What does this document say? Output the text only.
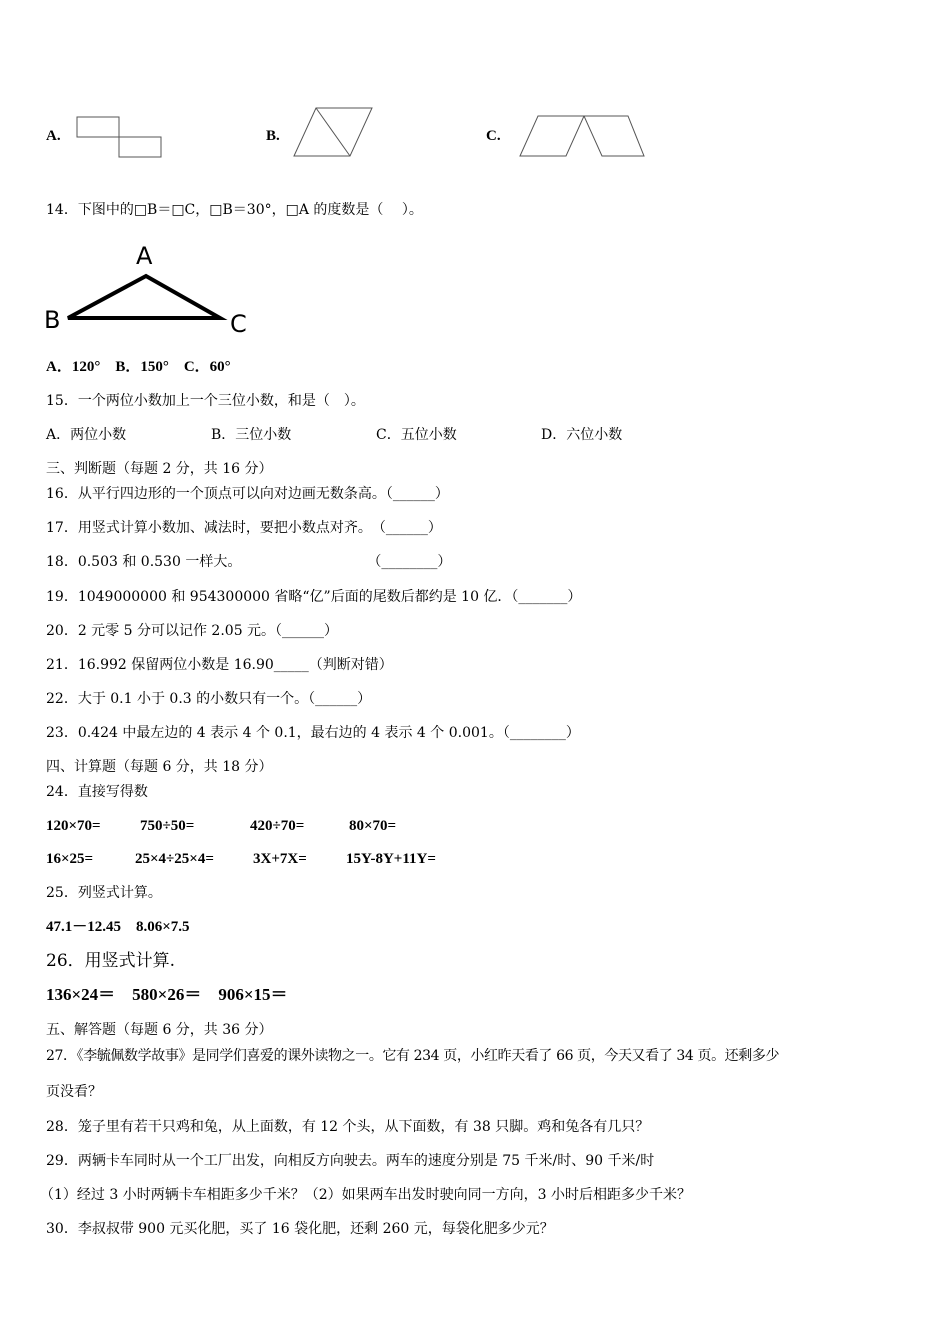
A.	B.	C.
14．下图中的□B＝□C，□B＝30°，□A 的度数是（　 ）。
A
B	C
A．120°　B．150°　C．60°
15．一个两位小数加上一个三位小数，和是（　）。
A．两位小数	B．三位小数	C．五位小数	D．六位小数
三、判断题（每题 2 分，共 16 分）
16．从平行四边形的一个顶点可以向对边画无数条高。（______）
17．用竖式计算小数加、减法时，要把小数点对齐。　（______）
18．0.503 和 0.530 一样大。　　　　　　　　　　（________）
19．1049000000 和 954300000 省略“亿”后面的尾数后都约是 10 亿．（_______）
20．2 元零 5 分可以记作 2.05 元。（______）
21．16.992 保留两位小数是 16.90_____（判断对错）
22．大于 0.1 小于 0.3 的小数只有一个。（______）
23．0.424 中最左边的 4 表示 4 个 0.1，最右边的 4 表示 4 个 0.001。（________）
四、计算题（每题 6 分，共 18 分）
24．直接写得数
120×70=	750÷50=	420÷70=	80×70=
16×25=	25×4÷25×4=	3X+7X=	15Y-8Y+11Y=
25．列竖式计算。
47.1－12.45　8.06×7.5
26．用竖式计算.
136×24＝　580×26＝　906×15＝
五、解答题（每题 6 分，共 36 分）
27．《李毓佩数学故事》是同学们喜爱的课外读物之一。它有 234 页，小红昨天看了 66 页，今天又看了 34 页。还剩多少
页没看？
28．笼子里有若干只鸡和兔，从上面数，有 12 个头，从下面数，有 38 只脚。鸡和兔各有几只？
29．两辆卡车同时从一个工厂出发，向相反方向驶去。两车的速度分别是 75 千米/时、90 千米/时
（1）经过 3 小时两辆卡车相距多少千米？（2）如果两车出发时驶向同一方向，3 小时后相距多少千米？
30．李叔叔带 900 元买化肥，买了 16 袋化肥，还剩 260 元，每袋化肥多少元？
